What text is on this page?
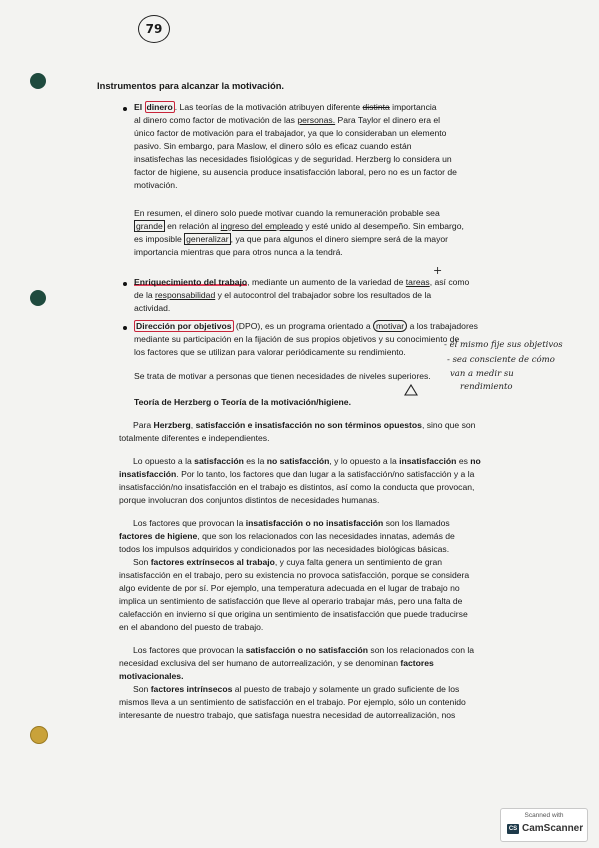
79
Instrumentos para alcanzar la motivación.
El dinero . Las teorías de la motivación atribuyen diferente distinta importancia
al dinero como factor de motivación de las personas. Para Taylor el dinero era el
único factor de motivación para el trabajador, ya que lo consideraban un elemento
pasivo. Sin embargo, para Maslow, el dinero sólo es eficaz cuando están
insatisfechas las necesidades fisiológicas y de seguridad. Herzberg lo considera un
factor de higiene, su ausencia produce insatisfacción laboral, pero no es un factor de
motivación.
En resumen, el dinero solo puede motivar cuando la remuneración probable sea
grande en relación al ingreso del empleado y esté unido al desempeño. Sin embargo,
es imposible generalizar , ya que para algunos el dinero siempre será de la mayor
importancia mientras que para otros nunca a la tendrá.
+
Enriquecimiento del trabajo, mediante un aumento de la variedad de tareas, así como
de la responsabilidad y el autocontrol del trabajador sobre los resultados de la
actividad.
Dirección por objetivos (DPO), es un programa orientado a motivar a los trabajadores
mediante su participación en la fijación de sus propios objetivos y su conocimiento de
los factores que se utilizan para valorar periódicamente su rendimiento.
Se trata de motivar a personas que tienen necesidades de niveles superiores.
- el mismo fije sus objetivos
- sea consciente de cómo
van a medir su
rendimiento
Teoría de Herzberg o Teoría de la motivación/higiene.
Para Herzberg, satisfacción e insatisfacción no son términos opuestos, sino que son
totalmente diferentes e independientes.
Lo opuesto a la satisfacción es la no satisfacción, y lo opuesto a la insatisfacción es no
insatisfacción. Por lo tanto, los factores que dan lugar a la satisfacción/no satisfacción y a la
insatisfacción/no insatisfacción en el trabajo es distintos, así como la conducta que provocan,
porque involucran dos conjuntos distintos de necesidades humanas.
Los factores que provocan la insatisfacción o no insatisfacción son los llamados
factores de higiene, que son los relacionados con las necesidades innatas, además de
todos los impulsos adquiridos y condicionados por las necesidades biológicas básicas.
Son factores extrínsecos al trabajo, y cuya falta genera un sentimiento de gran
insatisfacción en el trabajo, pero su existencia no provoca satisfacción, porque se considera
algo evidente de por sí. Por ejemplo, una temperatura adecuada en el lugar de trabajo no
implica un sentimiento de satisfacción que lleve al operario trabajar más, pero una falta de
calefacción en invierno sí que origina un sentimiento de insatisfacción que puede traducirse
en el abandono del puesto de trabajo.
Los factores que provocan la satisfacción o no satisfacción son los relacionados con la
necesidad exclusiva del ser humano de autorrealización, y se denominan factores
motivacionales.
Son factores intrínsecos al puesto de trabajo y solamente un grado suficiente de los
mismos lleva a un sentimiento de satisfacción en el trabajo. Por ejemplo, sólo un contenido
interesante de nuestro trabajo, que satisfaga nuestra necesidad de autorrealización, nos
Scanned with
CS CamScanner
